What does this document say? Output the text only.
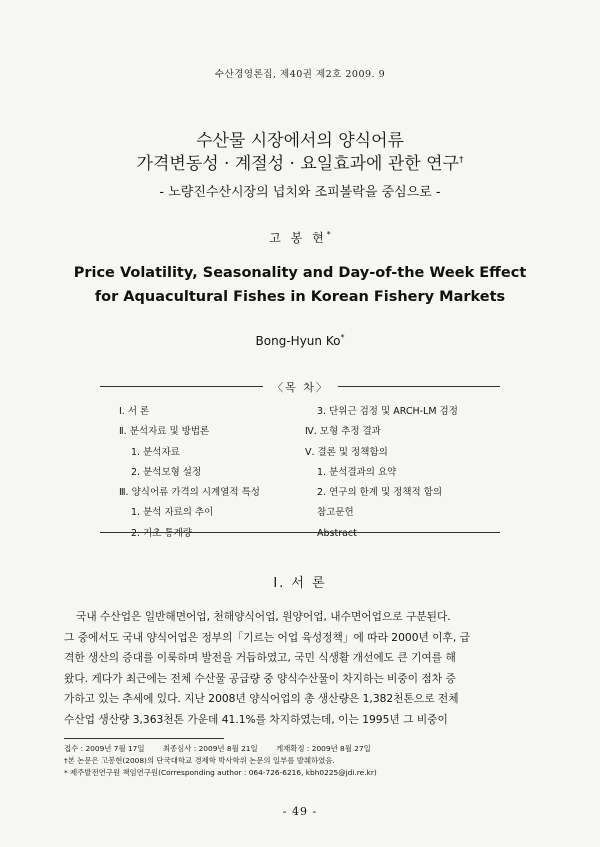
수산경영론집, 제40권 제2호 2009. 9
수산물 시장에서의 양식어류
가격변동성 · 계절성 · 요일효과에 관한 연구†
- 노량진수산시장의 넙치와 조피볼락을 중심으로 -
고 봉 현*
Price Volatility, Seasonality and Day-of-the Week Effect
for Aquacultural Fishes in Korean Fishery Markets
Bong-Hyun Ko*
〈목 차〉
Ⅰ. 서 론
Ⅱ. 분석자료 및 방법론
1. 분석자료
2. 분석모형 설정
Ⅲ. 양식어류 가격의 시계열적 특성
1. 분석 자료의 추이
2. 기초 통계량
3. 단위근 검정 및 ARCH-LM 검정
Ⅳ. 모형 추정 결과
Ⅴ. 결론 및 정책함의
1. 분석결과의 요약
2. 연구의 한계 및 정책적 함의
참고문헌
Abstract
Ⅰ. 서 론
국내 수산업은 일반해면어업, 천해양식어업, 원양어업, 내수면어업으로 구분된다.
그 중에서도 국내 양식어업은 정부의「기르는 어업 육성정책」에 따라 2000년 이후, 급
격한 생산의 증대를 이룩하며 발전을 거듭하였고, 국민 식생활 개선에도 큰 기여를 해
왔다. 게다가 최근에는 전체 수산물 공급량 중 양식수산물이 차지하는 비중이 점차 증
가하고 있는 추세에 있다. 지난 2008년 양식어업의 총 생산량은 1,382천톤으로 전체
수산업 생산량 3,363천톤 가운데 41.1%를 차지하였는데, 이는 1995년 그 비중이
접수 : 2009년 7월 17일 최종심사 : 2009년 8월 21일 게재확정 : 2009년 8월 27일
†본 논문은 고봉현(2008)의 단국대학교 경제학 박사학위 논문의 일부를 발췌하였음.
* 제주발전연구원 책임연구원(Corresponding author : 064-726-6216, kbh0225@jdi.re.kr)
- 49 -
